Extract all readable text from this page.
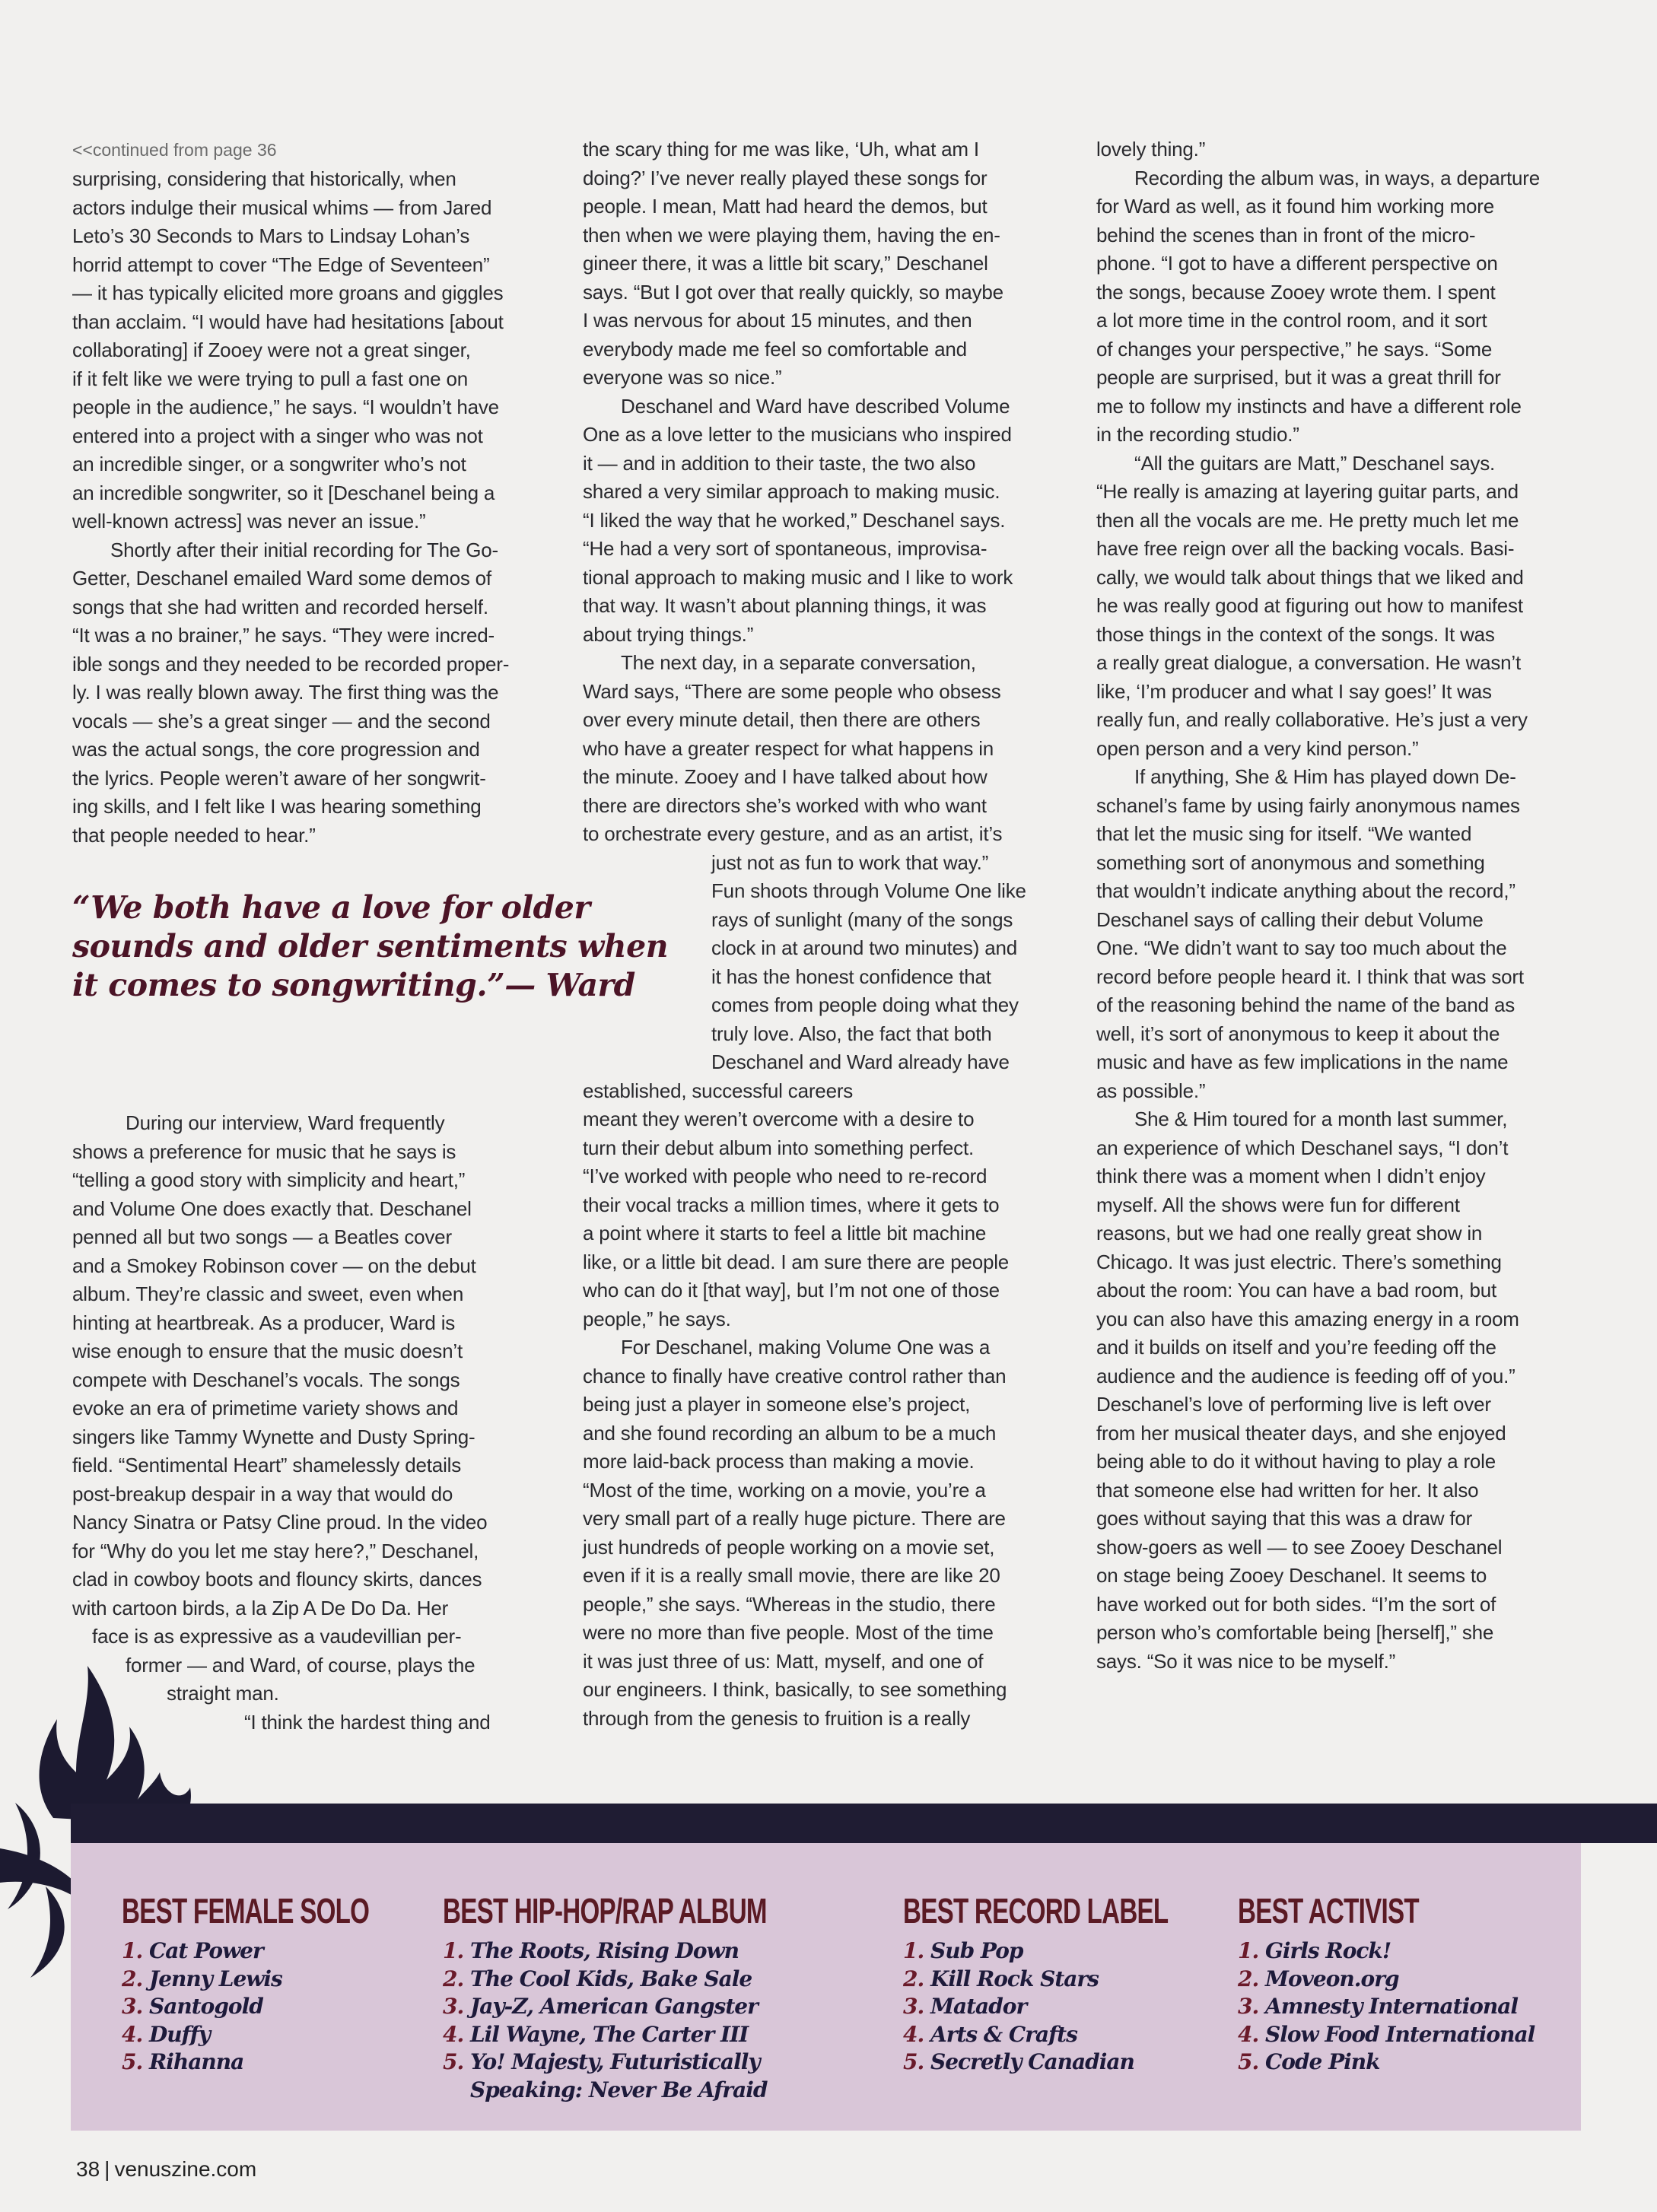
<<continued from page 36
surprising, considering that historically, when
actors indulge their musical whims — from Jared
Leto’s 30 Seconds to Mars to Lindsay Lohan’s
horrid attempt to cover “The Edge of Seventeen”
— it has typically elicited more groans and giggles
than acclaim. “I would have had hesitations [about
collaborating] if Zooey were not a great singer,
if it felt like we were trying to pull a fast one on
people in the audience,” he says. “I wouldn’t have
entered into a project with a singer who was not
an incredible singer, or a songwriter who’s not
an incredible songwriter, so it [Deschanel being a
well-known actress] was never an issue.”
Shortly after their initial recording for The Go-
Getter, Deschanel emailed Ward some demos of
songs that she had written and recorded herself.
“It was a no brainer,” he says. “They were incred-
ible songs and they needed to be recorded proper-
ly. I was really blown away. The first thing was the
vocals — she’s a great singer — and the second
was the actual songs, the core progression and
the lyrics. People weren’t aware of her songwrit-
ing skills, and I felt like I was hearing something
that people needed to hear.”
“We both have a love for older
sounds and older sentiments when
it comes to songwriting.”— Ward
During our interview, Ward frequently
shows a preference for music that he says is
“telling a good story with simplicity and heart,”
and Volume One does exactly that. Deschanel
penned all but two songs — a Beatles cover
and a Smokey Robinson cover — on the debut
album. They’re classic and sweet, even when
hinting at heartbreak. As a producer, Ward is
wise enough to ensure that the music doesn’t
compete with Deschanel’s vocals. The songs
evoke an era of primetime variety shows and
singers like Tammy Wynette and Dusty Spring-
field. “Sentimental Heart” shamelessly details
post-breakup despair in a way that would do
Nancy Sinatra or Patsy Cline proud. In the video
for “Why do you let me stay here?,” Deschanel,
clad in cowboy boots and flouncy skirts, dances
with cartoon birds, a la Zip A De Do Da. Her
face is as expressive as a vaudevillian per-
former — and Ward, of course, plays the
straight man.
“I think the hardest thing and
the scary thing for me was like, ‘Uh, what am I
doing?’ I’ve never really played these songs for
people. I mean, Matt had heard the demos, but
then when we were playing them, having the en-
gineer there, it was a little bit scary,” Deschanel
says. “But I got over that really quickly, so maybe
I was nervous for about 15 minutes, and then
everybody made me feel so comfortable and
everyone was so nice.”
Deschanel and Ward have described Volume
One as a love letter to the musicians who inspired
it — and in addition to their taste, the two also
shared a very similar approach to making music.
“I liked the way that he worked,” Deschanel says.
“He had a very sort of spontaneous, improvisa-
tional approach to making music and I like to work
that way. It wasn’t about planning things, it was
about trying things.”
The next day, in a separate conversation,
Ward says, “There are some people who obsess
over every minute detail, then there are others
who have a greater respect for what happens in
the minute. Zooey and I have talked about how
there are directors she’s worked with who want
to orchestrate every gesture, and as an artist, it’s
just not as fun to work that way.”
Fun shoots through Volume One like
rays of sunlight (many of the songs
clock in at around two minutes) and
it has the honest confidence that
comes from people doing what they
truly love. Also, the fact that both
Deschanel and Ward already have
established, successful careers
meant they weren’t overcome with a desire to
turn their debut album into something perfect.
“I’ve worked with people who need to re-record
their vocal tracks a million times, where it gets to
a point where it starts to feel a little bit machine
like, or a little bit dead. I am sure there are people
who can do it [that way], but I’m not one of those
people,” he says.
For Deschanel, making Volume One was a
chance to finally have creative control rather than
being just a player in someone else’s project,
and she found recording an album to be a much
more laid-back process than making a movie.
“Most of the time, working on a movie, you’re a
very small part of a really huge picture. There are
just hundreds of people working on a movie set,
even if it is a really small movie, there are like 20
people,” she says. “Whereas in the studio, there
were no more than five people. Most of the time
it was just three of us: Matt, myself, and one of
our engineers. I think, basically, to see something
through from the genesis to fruition is a really
lovely thing.”
Recording the album was, in ways, a departure
for Ward as well, as it found him working more
behind the scenes than in front of the micro-
phone. “I got to have a different perspective on
the songs, because Zooey wrote them. I spent
a lot more time in the control room, and it sort
of changes your perspective,” he says. “Some
people are surprised, but it was a great thrill for
me to follow my instincts and have a different role
in the recording studio.”
“All the guitars are Matt,” Deschanel says.
“He really is amazing at layering guitar parts, and
then all the vocals are me. He pretty much let me
have free reign over all the backing vocals. Basi-
cally, we would talk about things that we liked and
he was really good at figuring out how to manifest
those things in the context of the songs. It was
a really great dialogue, a conversation. He wasn’t
like, ‘I’m producer and what I say goes!’ It was
really fun, and really collaborative. He’s just a very
open person and a very kind person.”
If anything, She & Him has played down De-
schanel’s fame by using fairly anonymous names
that let the music sing for itself. “We wanted
something sort of anonymous and something
that wouldn’t indicate anything about the record,”
Deschanel says of calling their debut Volume
One. “We didn’t want to say too much about the
record before people heard it. I think that was sort
of the reasoning behind the name of the band as
well, it’s sort of anonymous to keep it about the
music and have as few implications in the name
as possible.”
She & Him toured for a month last summer,
an experience of which Deschanel says, “I don’t
think there was a moment when I didn’t enjoy
myself. All the shows were fun for different
reasons, but we had one really great show in
Chicago. It was just electric. There’s something
about the room: You can have a bad room, but
you can also have this amazing energy in a room
and it builds on itself and you’re feeding off the
audience and the audience is feeding off of you.”
Deschanel’s love of performing live is left over
from her musical theater days, and she enjoyed
being able to do it without having to play a role
that someone else had written for her. It also
goes without saying that this was a draw for
show-goers as well — to see Zooey Deschanel
on stage being Zooey Deschanel. It seems to
have worked out for both sides. “I’m the sort of
person who’s comfortable being [herself],” she
says. “So it was nice to be myself.”
BEST FEMALE SOLO
1. Cat Power
2. Jenny Lewis
3. Santogold
4. Duffy
5. Rihanna
BEST HIP-HOP/RAP ALBUM
1. The Roots, Rising Down
2. The Cool Kids, Bake Sale
3. Jay-Z, American Gangster
4. Lil Wayne, The Carter III
5. Yo! Majesty, Futuristically
Speaking: Never Be Afraid
BEST RECORD LABEL
1. Sub Pop
2. Kill Rock Stars
3. Matador
4. Arts & Crafts
5. Secretly Canadian
BEST ACTIVIST
1. Girls Rock!
2. Moveon.org
3. Amnesty International
4. Slow Food International
5. Code Pink
38 | venuszine.com
